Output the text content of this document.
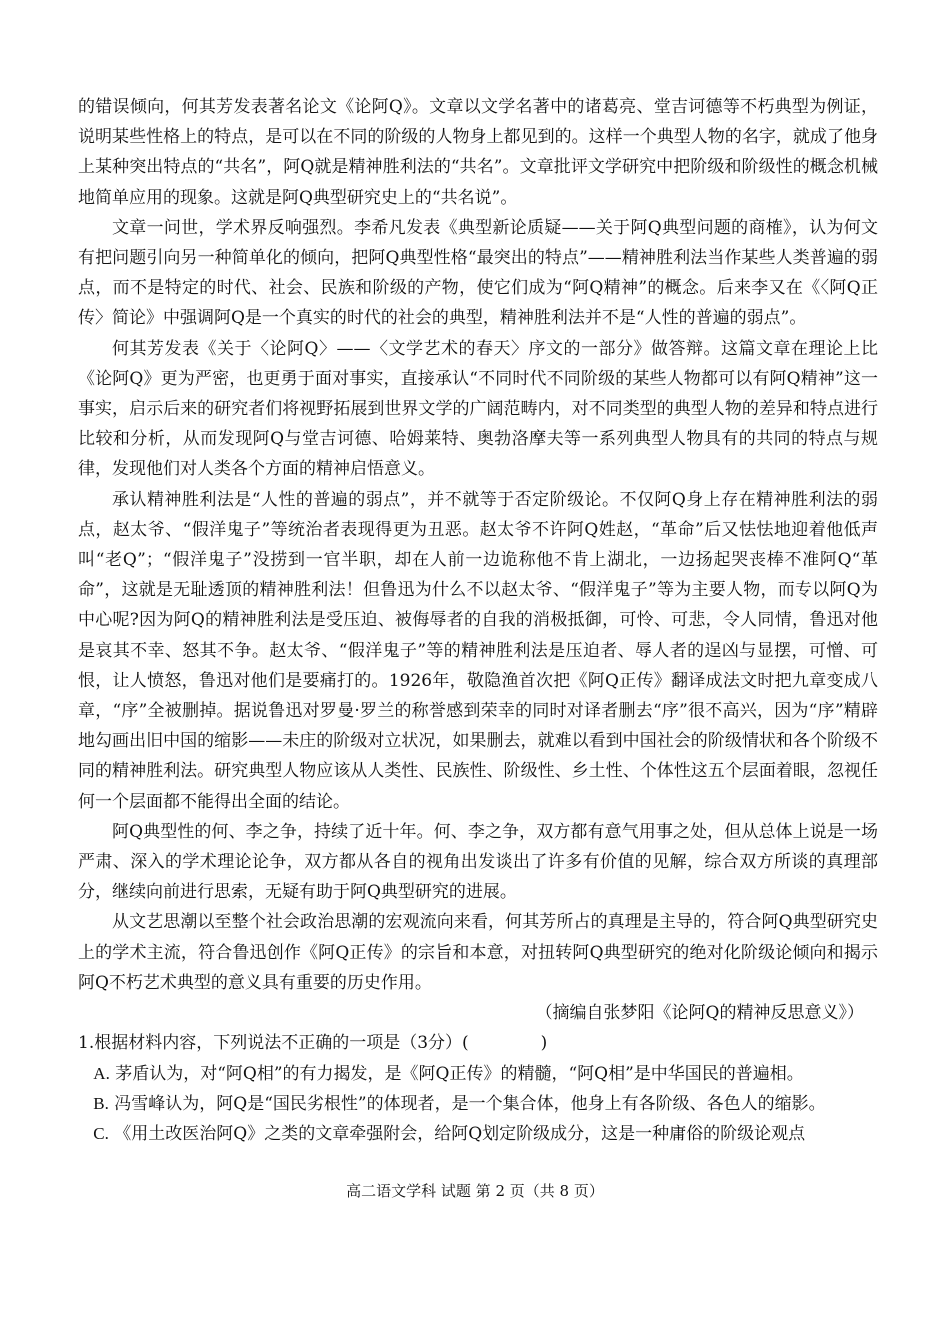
的错误倾向，何其芳发表著名论文《论阿Q》。文章以文学名著中的诸葛亮、堂吉诃德等不朽典型为例证，说明某些性格上的特点，是可以在不同的阶级的人物身上都见到的。这样一个典型人物的名字，就成了他身上某种突出特点的“共名”，阿Q就是精神胜利法的“共名”。文章批评文学研究中把阶级和阶级性的概念机械地简单应用的现象。这就是阿Q典型研究史上的“共名说”。

文章一问世，学术界反响强烈。李希凡发表《典型新论质疑——关于阿Q典型问题的商榷》，认为何文有把问题引向另一种简单化的倾向，把阿Q典型性格“最突出的特点”——精神胜利法当作某些人类普遍的弱点，而不是特定的时代、社会、民族和阶级的产物，使它们成为“阿Q精神”的概念。后来李又在《〈阿Q正传〉简论》中强调阿Q是一个真实的时代的社会的典型，精神胜利法并不是“人性的普遍的弱点”。

何其芳发表《关于〈论阿Q〉——〈文学艺术的春天〉序文的一部分》做答辩。这篇文章在理论上比《论阿Q》更为严密，也更勇于面对事实，直接承认“不同时代不同阶级的某些人物都可以有阿Q精神”这一事实，启示后来的研究者们将视野拓展到世界文学的广阔范畴内，对不同类型的典型人物的差异和特点进行比较和分析，从而发现阿Q与堂吉诃德、哈姆莱特、奥勃洛摩夫等一系列典型人物具有的共同的特点与规律，发现他们对人类各个方面的精神启悟意义。

承认精神胜利法是“人性的普遍的弱点”，并不就等于否定阶级论。不仅阿Q身上存在精神胜利法的弱点，赵太爷、“假洋鬼子”等统治者表现得更为丑恶。赵太爷不许阿Q姓赵，“革命”后又怯怯地迎着他低声叫“老Q”；“假洋鬼子”没捞到一官半职，却在人前一边诡称他不肯上湖北，一边扬起哭丧棒不准阿Q“革命”，这就是无耻透顶的精神胜利法！但鲁迅为什么不以赵太爷、“假洋鬼子”等为主要人物，而专以阿Q为中心呢?因为阿Q的精神胜利法是受压迫、被侮辱者的自我的消极抵御，可怜、可悲，令人同情，鲁迅对他是哀其不幸、怒其不争。赵太爷、“假洋鬼子”等的精神胜利法是压迫者、辱人者的逞凶与显摆，可憎、可恨，让人愤怒，鲁迅对他们是要痛打的。1926年，敬隐渔首次把《阿Q正传》翻译成法文时把九章变成八章，“序”全被删掉。据说鲁迅对罗曼·罗兰的称誉感到荣幸的同时对译者删去“序”很不高兴，因为“序”精辟地勾画出旧中国的缩影——未庄的阶级对立状况，如果删去，就难以看到中国社会的阶级情状和各个阶级不同的精神胜利法。研究典型人物应该从人类性、民族性、阶级性、乡土性、个体性这五个层面着眼，忽视任何一个层面都不能得出全面的结论。

阿Q典型性的何、李之争，持续了近十年。何、李之争，双方都有意气用事之处，但从总体上说是一场严肃、深入的学术理论论争，双方都从各自的视角出发谈出了许多有价值的见解，综合双方所谈的真理部分，继续向前进行思索，无疑有助于阿Q典型研究的进展。

从文艺思潮以至整个社会政治思潮的宏观流向来看，何其芳所占的真理是主导的，符合阿Q典型研究史上的学术主流，符合鲁迅创作《阿Q正传》的宗旨和本意，对扭转阿Q典型研究的绝对化阶级论倾向和揭示阿Q不朽艺术典型的意义具有重要的历史作用。

（摘编自张梦阳《论阿Q的精神反思意义》）

1.根据材料内容，下列说法不正确的一项是（3分）(	)

A. 茅盾认为，对“阿Q相”的有力揭发，是《阿Q正传》的精髓，“阿Q相”是中华国民的普遍相。

B. 冯雪峰认为，阿Q是“国民劣根性”的体现者，是一个集合体，他身上有各阶级、各色人的缩影。

C. 《用土改医治阿Q》之类的文章牵强附会，给阿Q划定阶级成分，这是一种庸俗的阶级论观点

高二语文学科 试题 第 2 页（共 8 页）
